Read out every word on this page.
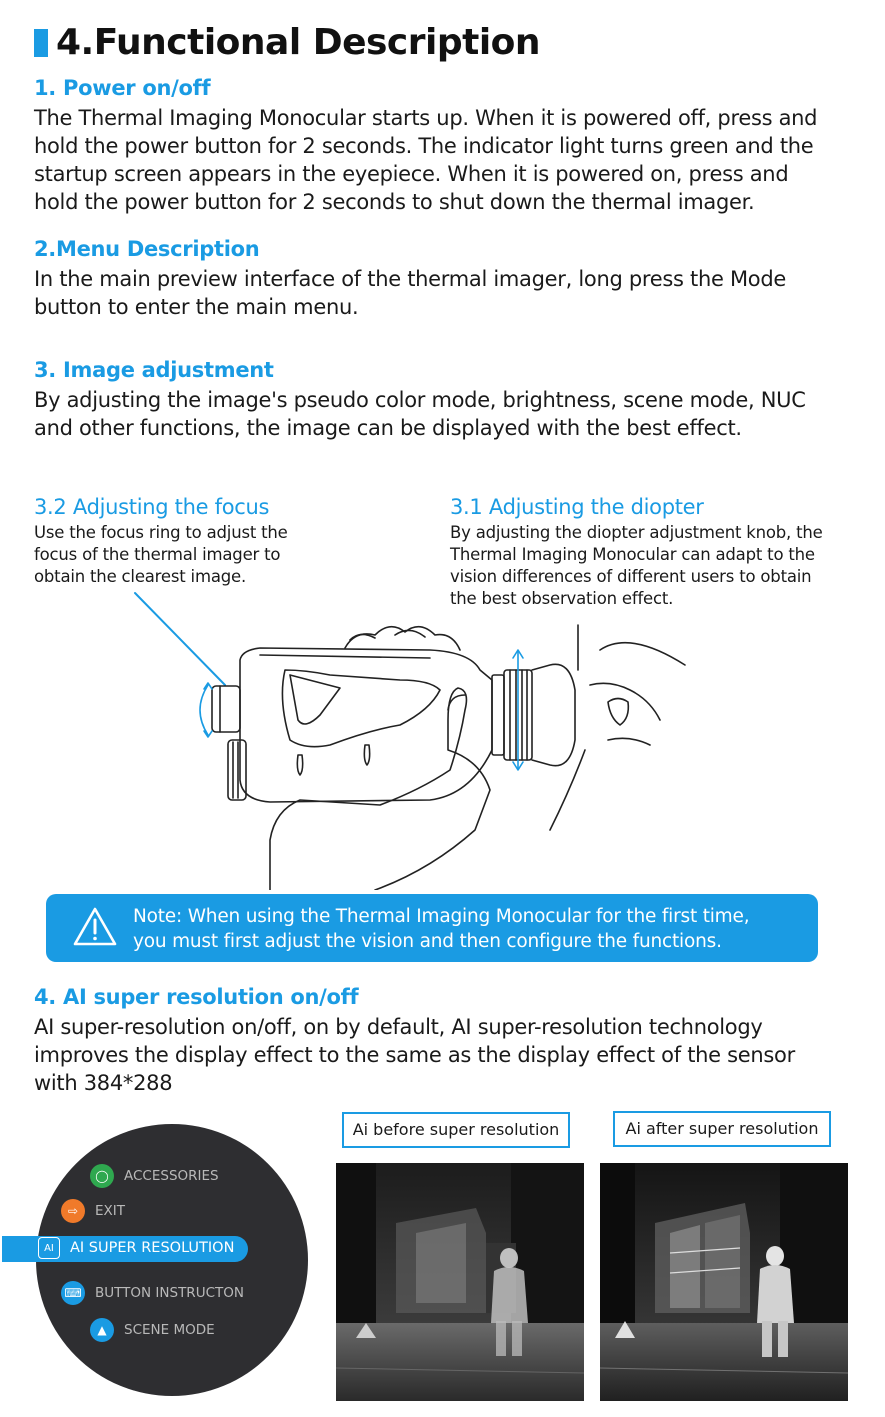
4.Functional Description
1. Power on/off
The Thermal Imaging Monocular starts up. When it is powered off, press and
hold the power button for 2 seconds. The indicator light turns green and the
startup screen appears in the eyepiece. When it is powered on, press and
hold the power button for 2 seconds to shut down the thermal imager.
2.Menu Description
In the main preview interface of the thermal imager, long press the Mode
button to enter the main menu.
3. Image adjustment
By adjusting the image's pseudo color mode, brightness, scene mode, NUC
and other functions, the image can be displayed with the best effect.
3.2 Adjusting the focus
Use the focus ring to adjust the
focus of the thermal imager to
obtain the clearest image.
3.1 Adjusting the diopter
By adjusting the diopter adjustment knob, the
Thermal Imaging Monocular can adapt to the
vision differences of different users to obtain
the best observation effect.
Note: When using the Thermal Imaging Monocular for the first time,
you must first adjust the vision and then configure the functions.
4. AI super resolution on/off
AI super-resolution on/off, on by default, AI super-resolution technology
improves the display effect to the same as the display effect of the sensor
with 384*288
◯	ACCESSORIES
⇨	EXIT
AI	AI SUPER RESOLUTION
⌨ BUTTON INSTRUCTON
▲	SCENE MODE
Ai before super resolution	Ai after super resolution
